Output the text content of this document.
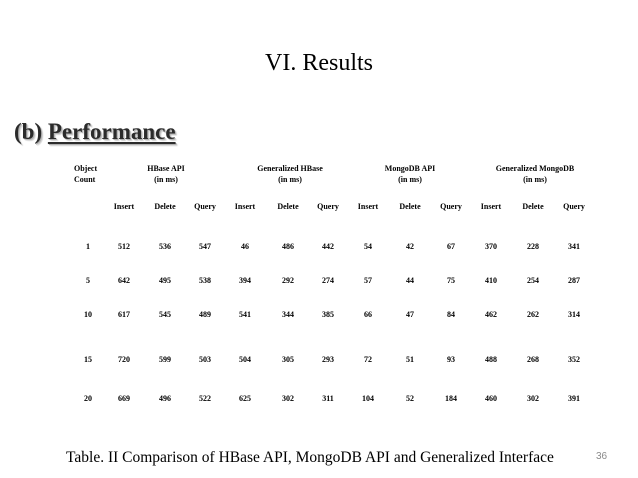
VI. Results
(b) Performance
Object
Count
HBase API
(in ms)
Generalized HBase
(in ms)
MongoDB API
(in ms)
Generalized MongoDB
(in ms)
Insert	Delete	Query	Insert	Delete	Query	Insert	Delete	Query	Insert	Delete	Query
1	512	536	547	46	486	442	54	42	67	370	228	341
5	642	495	538	394	292	274	57	44	75	410	254	287
10	617	545	489	541	344	385	66	47	84	462	262	314
15	720	599	503	504	305	293	72	51	93	488	268	352
20	669	496	522	625	302	311	104	52	184	460	302	391
Table. II Comparison of HBase API, MongoDB API and Generalized Interface	36
